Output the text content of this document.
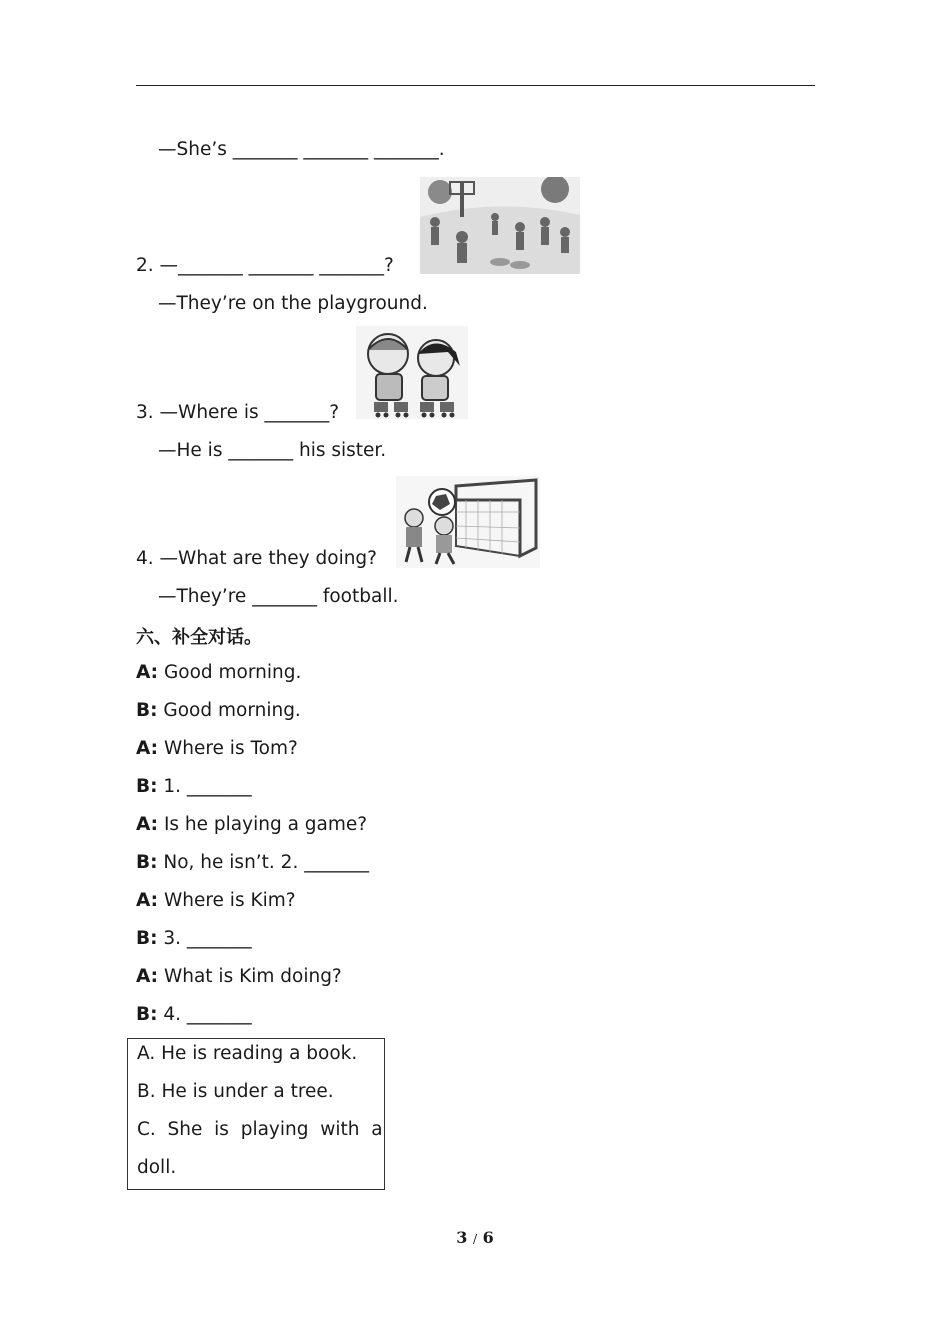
—She’s _______ _______ _______.
2. —_______ _______ _______?
—They’re on the playground.
3. —Where is _______?
—He is _______ his sister.
4. —What are they doing?
—They’re _______ football.
六、补全对话。
A: Good morning.
B: Good morning.
A: Where is Tom?
B: 1. _______
A: Is he playing a game?
B: No, he isn’t. 2. _______
A: Where is Kim?
B: 3. _______
A: What is Kim doing?
B: 4. _______
A. He is reading a book.
B. He is under a tree.
C.  She  is  playing  with  a
doll.
3 / 6
